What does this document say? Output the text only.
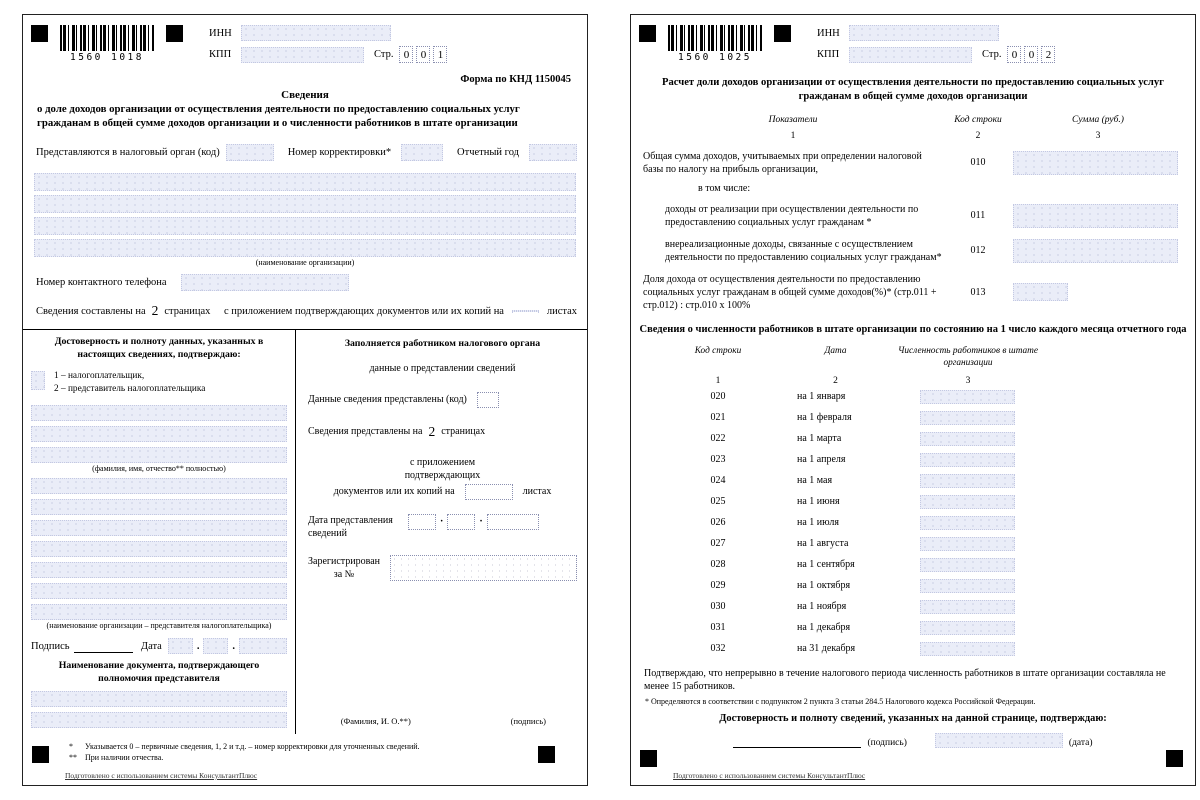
1560 1018
ИНН
КПП	Стр. 0	0	1
Форма по КНД 1150045
Сведения
о доле доходов организации от осуществления деятельности по предоставлению социальных услуг гражданам в общей сумме доходов организации и о численности работников в штате организации
Представляются в налоговый орган (код)	Номер корректировки*	Отчетный год
(наименование организации)
Номер контактного телефона
Сведения составлены на 2 страницах с приложением подтверждающих документов или их копий на	листах
Достоверность и полноту данных, указанных в настоящих сведениях, подтверждаю:
1 – налогоплательщик,
2 – представитель налогоплательщика
(фамилия, имя, отчество** полностью)
(наименование организации – представителя налогоплательщика)
Подпись	Дата	.	.
Наименование документа, подтверждающего полномочия представителя
Заполняется работником налогового органа
данные о представлении сведений
Данные сведения представлены (код)
Сведения представлены на 2 страницах
с приложением
подтверждающих
документов или их копий на	листах
Дата представления сведений
·	·
Зарегистрирован
за №
(Фамилия, И. О.**)	(подпись)
*	Указывается 0 – первичные сведения, 1, 2 и т.д. – номер корректировки для уточненных сведений.
**	При наличии отчества.
Подготовлено с использованием системы КонсультантПлюс
1560 1025
ИНН
КПП	Стр. 0	0	2
Расчет доли доходов организации от осуществления деятельности по предоставлению социальных услуг гражданам в общей сумме доходов организации
Показатели	Код строки	Сумма (руб.)
1	2	3
Общая сумма доходов, учитываемых при определении налоговой базы по налогу на прибыль организации,
010
в том числе:
доходы от реализации при осуществлении деятельности по предоставлению социальных услуг гражданам *
011
внереализационные доходы, связанные с осуществлением деятельности по предоставлению социальных услуг гражданам*
012
Доля дохода от осуществления деятельности по предоставлению социальных услуг гражданам в общей сумме доходов(%)* (стр.011 + стр.012) : стр.010 х 100%
013
Сведения о численности работников в штате организации по состоянию на 1 число каждого месяца отчетного года
Код строки	Дата	Численность работников в штате организации
1	2	3
020	на 1 января
021	на 1 февраля
022	на 1 марта
023	на 1 апреля
024	на 1 мая
025	на 1 июня
026	на 1 июля
027	на 1 августа
028	на 1 сентября
029	на 1 октября
030	на 1 ноября
031	на 1 декабря
032	на 31 декабря
Подтверждаю, что непрерывно в течение налогового периода численность работников в штате организации составляла не менее 15 работников.
* Определяются в соответствии с подпунктом 2 пункта 3 статьи 284.5 Налогового кодекса Российской Федерации.
Достоверность и полноту сведений, указанных на данной странице, подтверждаю:
(подпись)	(дата)
Подготовлено с использованием системы КонсультантПлюс
